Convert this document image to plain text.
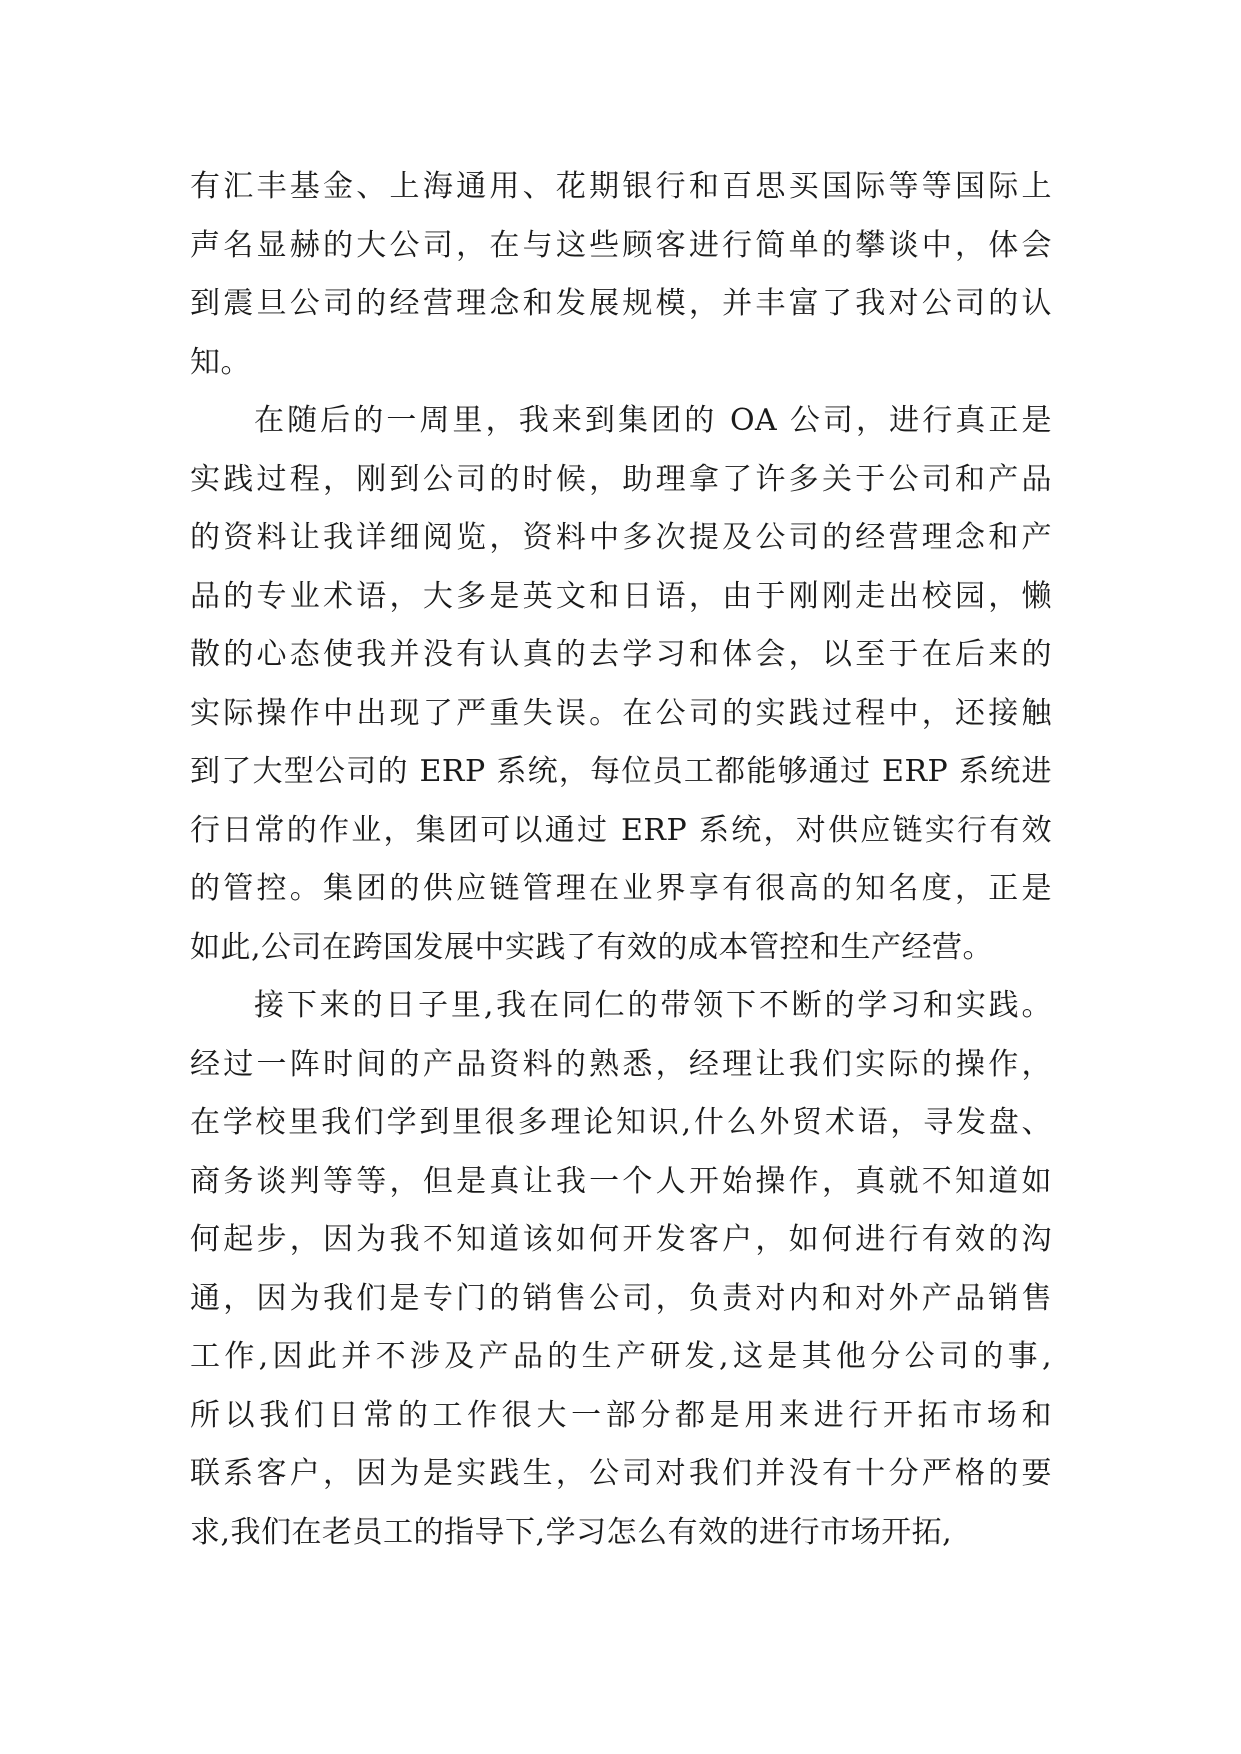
有汇丰基金、上海通用、花期银行和百思买国际等等国际上
声名显赫的大公司，在与这些顾客进行简单的攀谈中，体会
到震旦公司的经营理念和发展规模，并丰富了我对公司的认
知。
在随后的一周里，我来到集团的 OA 公司，进行真正是
实践过程，刚到公司的时候，助理拿了许多关于公司和产品
的资料让我详细阅览，资料中多次提及公司的经营理念和产
品的专业术语，大多是英文和日语，由于刚刚走出校园，懒
散的心态使我并没有认真的去学习和体会，以至于在后来的
实际操作中出现了严重失误。在公司的实践过程中，还接触
到了大型公司的 ERP 系统，每位员工都能够通过 ERP 系统进
行日常的作业，集团可以通过 ERP 系统，对供应链实行有效
的管控。集团的供应链管理在业界享有很高的知名度，正是
如此,公司在跨国发展中实践了有效的成本管控和生产经营。
接下来的日子里,我在同仁的带领下不断的学习和实践。
经过一阵时间的产品资料的熟悉，经理让我们实际的操作，
在学校里我们学到里很多理论知识,什么外贸术语，寻发盘、
商务谈判等等，但是真让我一个人开始操作，真就不知道如
何起步，因为我不知道该如何开发客户，如何进行有效的沟
通，因为我们是专门的销售公司，负责对内和对外产品销售
工作,因此并不涉及产品的生产研发,这是其他分公司的事,
所以我们日常的工作很大一部分都是用来进行开拓市场和
联系客户，因为是实践生，公司对我们并没有十分严格的要
求,我们在老员工的指导下,学习怎么有效的进行市场开拓,
